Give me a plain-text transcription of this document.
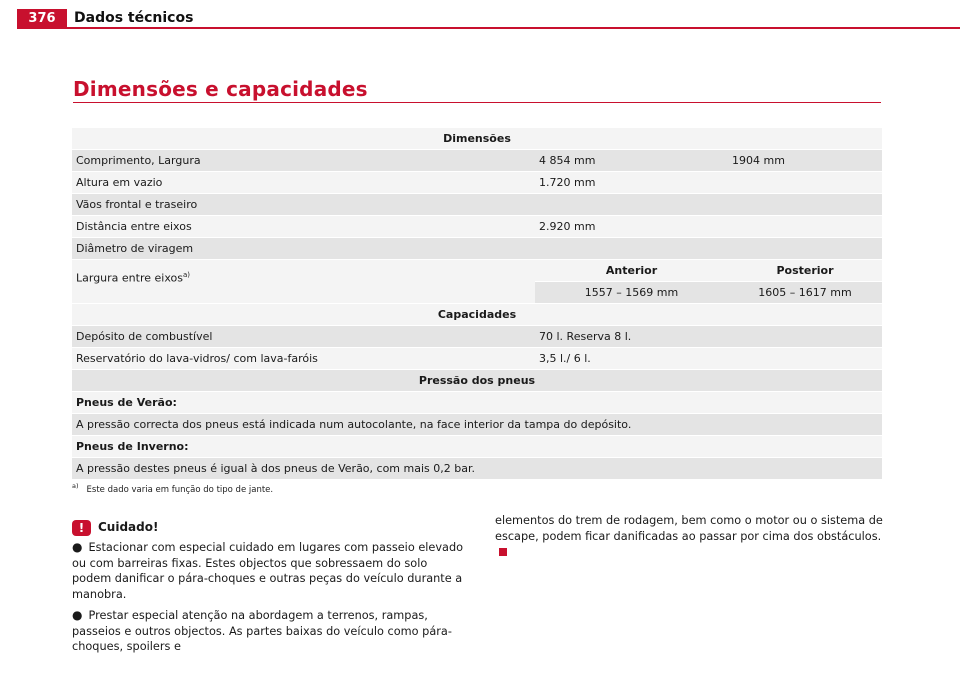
376	Dados técnicos
Dimensões e capacidades
Dimensões
Comprimento, Largura	4 854 mm	1904 mm
Altura em vazio	1.720 mm
Vãos frontal e traseiro
Distância entre eixos	2.920 mm
Diâmetro de viragem
Largura entre eixos$^{a)}$	Anterior	Posterior
1557 – 1569 mm	1605 – 1617 mm
Capacidades
Depósito de combustível	70 l. Reserva 8 l.
Reservatório do lava-vidros/ com lava-faróis	3,5 l./ 6 l.
Pressão dos pneus
Pneus de Verão:
A pressão correcta dos pneus está indicada num autocolante, na face interior da tampa do depósito.
Pneus de Inverno:
A pressão destes pneus é igual à dos pneus de Verão, com mais 0,2 bar.
$^{a)}$ Este dado varia em função do tipo de jante.
!	Cuidado!
● Estacionar com especial cuidado em lugares com passeio elevado ou com barreiras fixas. Estes objectos que sobressaem do solo podem danificar o pára-choques e outras peças do veículo durante a manobra.
● Prestar especial atenção na abordagem a terrenos, rampas, passeios e outros objectos. As partes baixas do veículo como pára-choques, spoilers e
elementos do trem de rodagem, bem como o motor ou o sistema de escape, podem ficar danificadas ao passar por cima dos obstáculos.
